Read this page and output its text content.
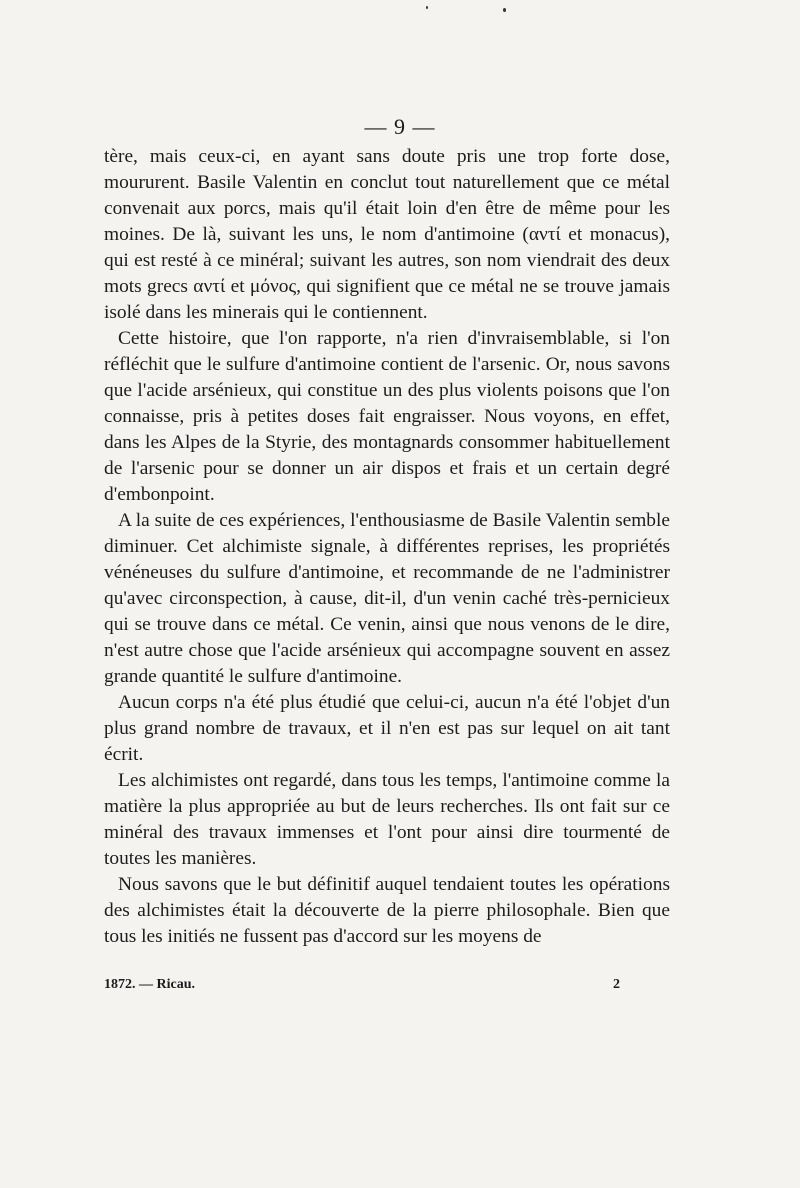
— 9 —

tère, mais ceux-ci, en ayant sans doute pris une trop forte dose, moururent. Basile Valentin en conclut tout naturellement que ce métal convenait aux porcs, mais qu'il était loin d'en être de même pour les moines. De là, suivant les uns, le nom d'antimoine (αντί et monacus), qui est resté à ce minéral; suivant les autres, son nom viendrait des deux mots grecs αντί et μόνος, qui signifient que ce métal ne se trouve jamais isolé dans les minerais qui le contiennent.

Cette histoire, que l'on rapporte, n'a rien d'invraisemblable, si l'on réfléchit que le sulfure d'antimoine contient de l'arsenic. Or, nous savons que l'acide arsénieux, qui constitue un des plus violents poisons que l'on connaisse, pris à petites doses fait engraisser. Nous voyons, en effet, dans les Alpes de la Styrie, des montagnards consommer habituellement de l'arsenic pour se donner un air dispos et frais et un certain degré d'embonpoint.

A la suite de ces expériences, l'enthousiasme de Basile Valentin semble diminuer. Cet alchimiste signale, à différentes reprises, les propriétés vénéneuses du sulfure d'antimoine, et recommande de ne l'administrer qu'avec circonspection, à cause, dit-il, d'un venin caché très-pernicieux qui se trouve dans ce métal. Ce venin, ainsi que nous venons de le dire, n'est autre chose que l'acide arsénieux qui accompagne souvent en assez grande quantité le sulfure d'antimoine.

Aucun corps n'a été plus étudié que celui-ci, aucun n'a été l'objet d'un plus grand nombre de travaux, et il n'en est pas sur lequel on ait tant écrit.

Les alchimistes ont regardé, dans tous les temps, l'antimoine comme la matière la plus appropriée au but de leurs recherches. Ils ont fait sur ce minéral des travaux immenses et l'ont pour ainsi dire tourmenté de toutes les manières.

Nous savons que le but définitif auquel tendaient toutes les opérations des alchimistes était la découverte de la pierre philosophale. Bien que tous les initiés ne fussent pas d'accord sur les moyens de

1872. — Ricau.	2
